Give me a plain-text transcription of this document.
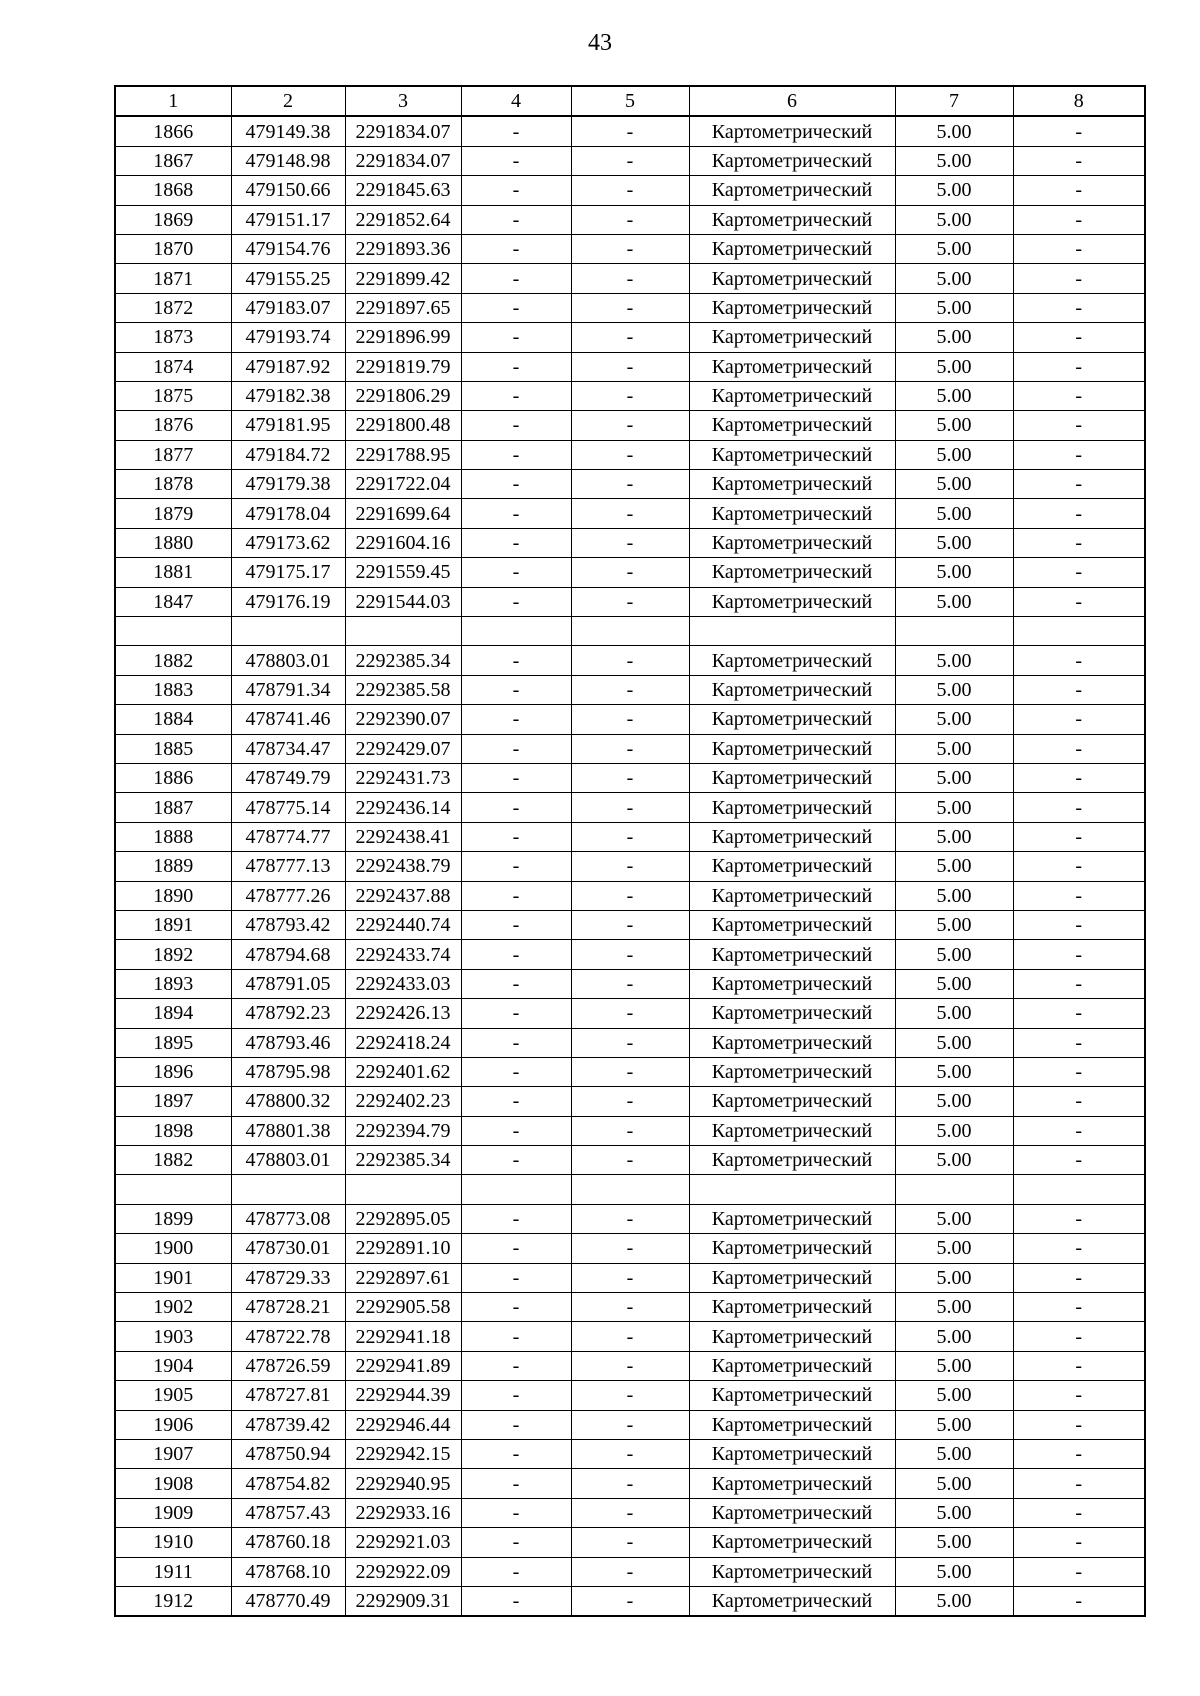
43
1	2	3	4	5	6	7	8
1866	479149.38	2291834.07	-	-	Картометрический	5.00	-
1867	479148.98	2291834.07	-	-	Картометрический	5.00	-
1868	479150.66	2291845.63	-	-	Картометрический	5.00	-
1869	479151.17	2291852.64	-	-	Картометрический	5.00	-
1870	479154.76	2291893.36	-	-	Картометрический	5.00	-
1871	479155.25	2291899.42	-	-	Картометрический	5.00	-
1872	479183.07	2291897.65	-	-	Картометрический	5.00	-
1873	479193.74	2291896.99	-	-	Картометрический	5.00	-
1874	479187.92	2291819.79	-	-	Картометрический	5.00	-
1875	479182.38	2291806.29	-	-	Картометрический	5.00	-
1876	479181.95	2291800.48	-	-	Картометрический	5.00	-
1877	479184.72	2291788.95	-	-	Картометрический	5.00	-
1878	479179.38	2291722.04	-	-	Картометрический	5.00	-
1879	479178.04	2291699.64	-	-	Картометрический	5.00	-
1880	479173.62	2291604.16	-	-	Картометрический	5.00	-
1881	479175.17	2291559.45	-	-	Картометрический	5.00	-
1847	479176.19	2291544.03	-	-	Картометрический	5.00	-

1882	478803.01	2292385.34	-	-	Картометрический	5.00	-
1883	478791.34	2292385.58	-	-	Картометрический	5.00	-
1884	478741.46	2292390.07	-	-	Картометрический	5.00	-
1885	478734.47	2292429.07	-	-	Картометрический	5.00	-
1886	478749.79	2292431.73	-	-	Картометрический	5.00	-
1887	478775.14	2292436.14	-	-	Картометрический	5.00	-
1888	478774.77	2292438.41	-	-	Картометрический	5.00	-
1889	478777.13	2292438.79	-	-	Картометрический	5.00	-
1890	478777.26	2292437.88	-	-	Картометрический	5.00	-
1891	478793.42	2292440.74	-	-	Картометрический	5.00	-
1892	478794.68	2292433.74	-	-	Картометрический	5.00	-
1893	478791.05	2292433.03	-	-	Картометрический	5.00	-
1894	478792.23	2292426.13	-	-	Картометрический	5.00	-
1895	478793.46	2292418.24	-	-	Картометрический	5.00	-
1896	478795.98	2292401.62	-	-	Картометрический	5.00	-
1897	478800.32	2292402.23	-	-	Картометрический	5.00	-
1898	478801.38	2292394.79	-	-	Картометрический	5.00	-
1882	478803.01	2292385.34	-	-	Картометрический	5.00	-

1899	478773.08	2292895.05	-	-	Картометрический	5.00	-
1900	478730.01	2292891.10	-	-	Картометрический	5.00	-
1901	478729.33	2292897.61	-	-	Картометрический	5.00	-
1902	478728.21	2292905.58	-	-	Картометрический	5.00	-
1903	478722.78	2292941.18	-	-	Картометрический	5.00	-
1904	478726.59	2292941.89	-	-	Картометрический	5.00	-
1905	478727.81	2292944.39	-	-	Картометрический	5.00	-
1906	478739.42	2292946.44	-	-	Картометрический	5.00	-
1907	478750.94	2292942.15	-	-	Картометрический	5.00	-
1908	478754.82	2292940.95	-	-	Картометрический	5.00	-
1909	478757.43	2292933.16	-	-	Картометрический	5.00	-
1910	478760.18	2292921.03	-	-	Картометрический	5.00	-
1911	478768.10	2292922.09	-	-	Картометрический	5.00	-
1912	478770.49	2292909.31	-	-	Картометрический	5.00	-
